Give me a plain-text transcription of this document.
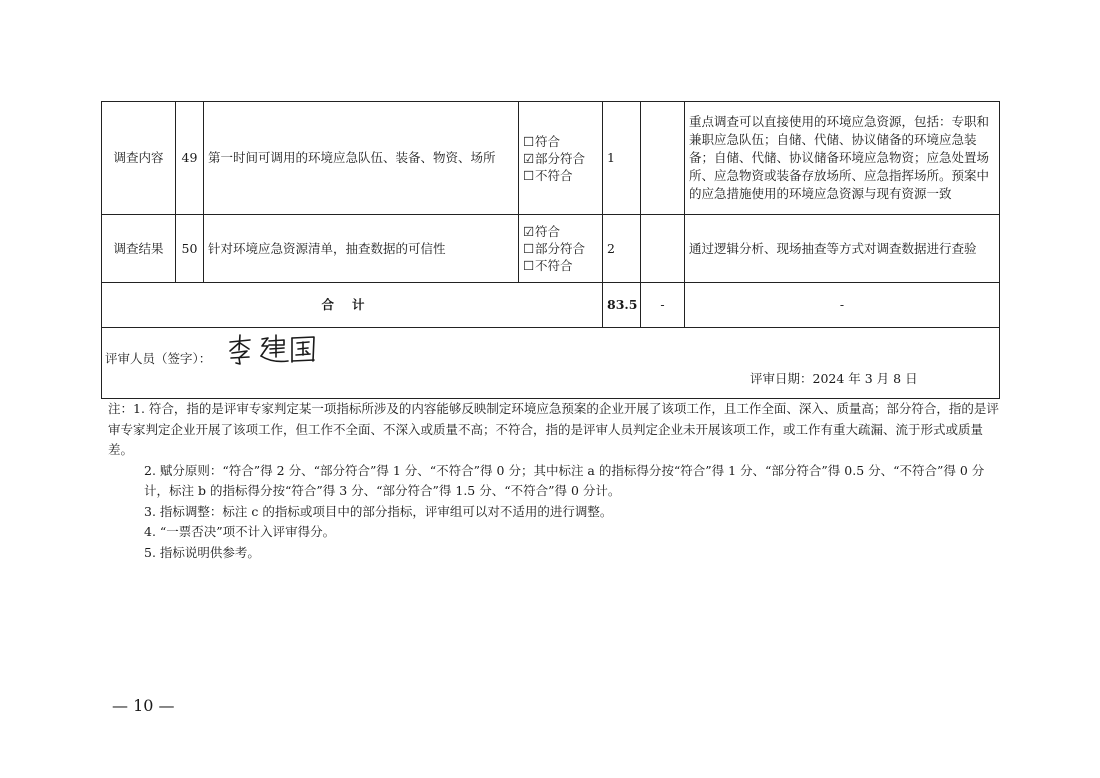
调查内容	49	第一时间可调用的环境应急队伍、装备、物资、场所	☐符合
☑部分符合
☐不符合	1		重点调查可以直接使用的环境应急资源，包括：专职和兼职应急队伍；自储、代储、协议储备的环境应急装备；自储、代储、协议储备环境应急物资；应急处置场所、应急物资或装备存放场所、应急指挥场所。预案中的应急措施使用的环境应急资源与现有资源一致
调查结果	50	针对环境应急资源清单，抽查数据的可信性	☑符合
☐部分符合
☐不符合	2		通过逻辑分析、现场抽查等方式对调查数据进行查验
合计				83.5	-	-

评审人员（签字）：
评审日期：2024 年 3 月 8 日						

注：1. 符合，指的是评审专家判定某一项指标所涉及的内容能够反映制定环境应急预案的企业开展了该项工作，且工作全面、深入、质量高；部分符合，指的是评审专家判定企业开展了该项工作，但工作不全面、不深入或质量不高；不符合，指的是评审人员判定企业未开展该项工作，或工作有重大疏漏、流于形式或质量差。

2. 赋分原则：“符合”得 2 分、“部分符合”得 1 分、“不符合”得 0 分；其中标注 a 的指标得分按“符合”得 1 分、“部分符合”得 0.5 分、“不符合”得 0 分计，标注 b 的指标得分按“符合”得 3 分、“部分符合”得 1.5 分、“不符合”得 0 分计。

3. 指标调整：标注 c 的指标或项目中的部分指标，评审组可以对不适用的进行调整。

4. “一票否决”项不计入评审得分。

5. 指标说明供参考。

— 10 —
